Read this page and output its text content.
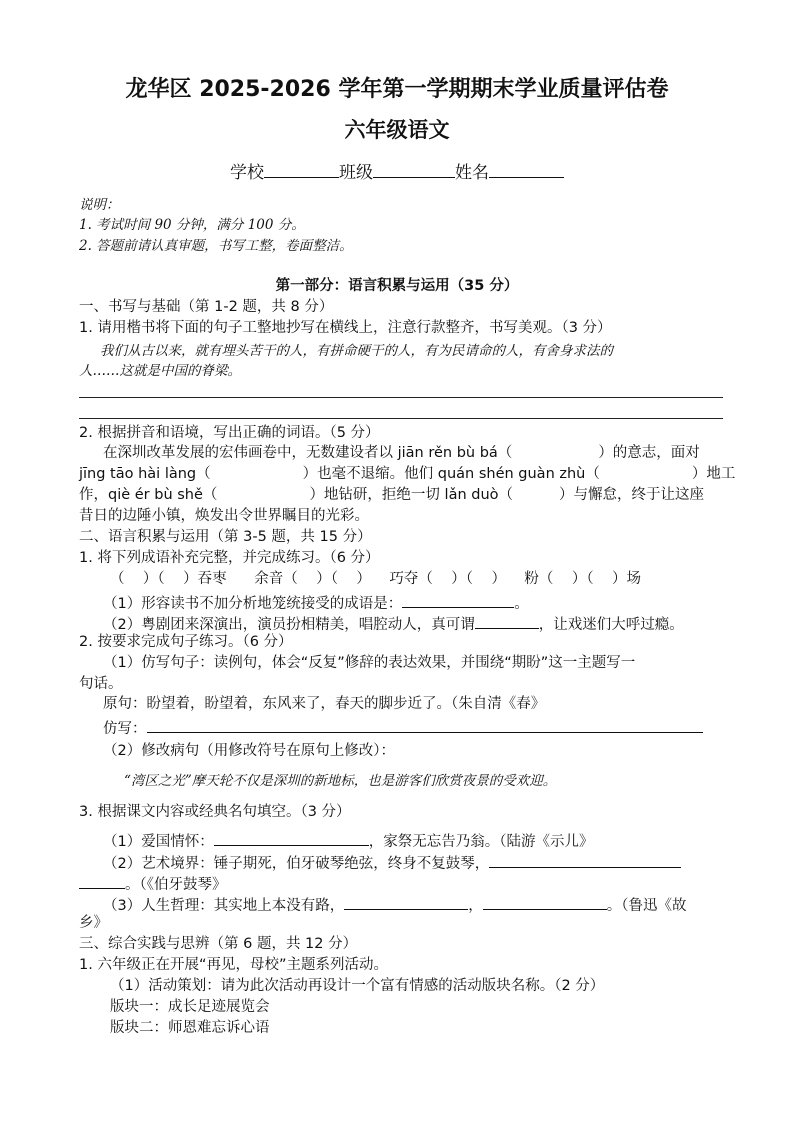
龙华区 2025-2026 学年第一学期期末学业质量评估卷
六年级语文
学校	班级	姓名
说明：
1. 考试时间 90 分钟，满分 100 分。
2. 答题前请认真审题，书写工整，卷面整洁。
第一部分：语言积累与运用（35 分）
一、书写与基础（第 1-2 题，共 8 分）
1. 请用楷书将下面的句子工整地抄写在横线上，注意行款整齐，书写美观。（3 分）
我们从古以来，就有埋头苦干的人，有拼命硬干的人，有为民请命的人，有舍身求法的
人……这就是中国的脊梁。
2. 根据拼音和语境，写出正确的词语。（5 分）
在深圳改革发展的宏伟画卷中，无数建设者以 jiān rěn bù bá（	）的意志，面对
jīng tāo hài làng（	）也毫不退缩。他们 quán shén guàn zhù（	）地工
作，qiè ér bù shě（	）地钻研，拒绝一切 lǎn duò（	）与懈怠，终于让这座
昔日的边陲小镇，焕发出令世界瞩目的光彩。
二、语言积累与运用（第 3-5 题，共 15 分）
1. 将下列成语补充完整，并完成练习。（6 分）
（    ）（    ）吞枣      余音（    ）（    ）    巧夺（    ）（    ）    粉（    ）（    ）场
（1）形容读书不加分析地笼统接受的成语是：	。
（2）粤剧团来深演出，演员扮相精美，唱腔动人，真可谓	，让戏迷们大呼过瘾。
2. 按要求完成句子练习。（6 分）
（1）仿写句子：读例句，体会“反复”修辞的表达效果，并围绕“期盼”这一主题写一
句话。
原句：盼望着，盼望着，东风来了，春天的脚步近了。（朱自清《春》
仿写：
（2）修改病句（用修改符号在原句上修改）：
“湾区之光”摩天轮不仅是深圳的新地标，也是游客们欣赏夜景的受欢迎。
3. 根据课文内容或经典名句填空。（3 分）
（1）爱国情怀：	，家祭无忘告乃翁。（陆游《示儿》
（2）艺术境界：锤子期死，伯牙破琴绝弦，终身不复鼓琴，
。（《伯牙鼓琴》
（3）人生哲理：其实地上本没有路，	，	。（鲁迅《故
乡》
三、综合实践与思辨（第 6 题，共 12 分）
1. 六年级正在开展“再见，母校”主题系列活动。
（1）活动策划：请为此次活动再设计一个富有情感的活动版块名称。（2 分）
版块一：成长足迹展览会
版块二：师恩难忘诉心语
